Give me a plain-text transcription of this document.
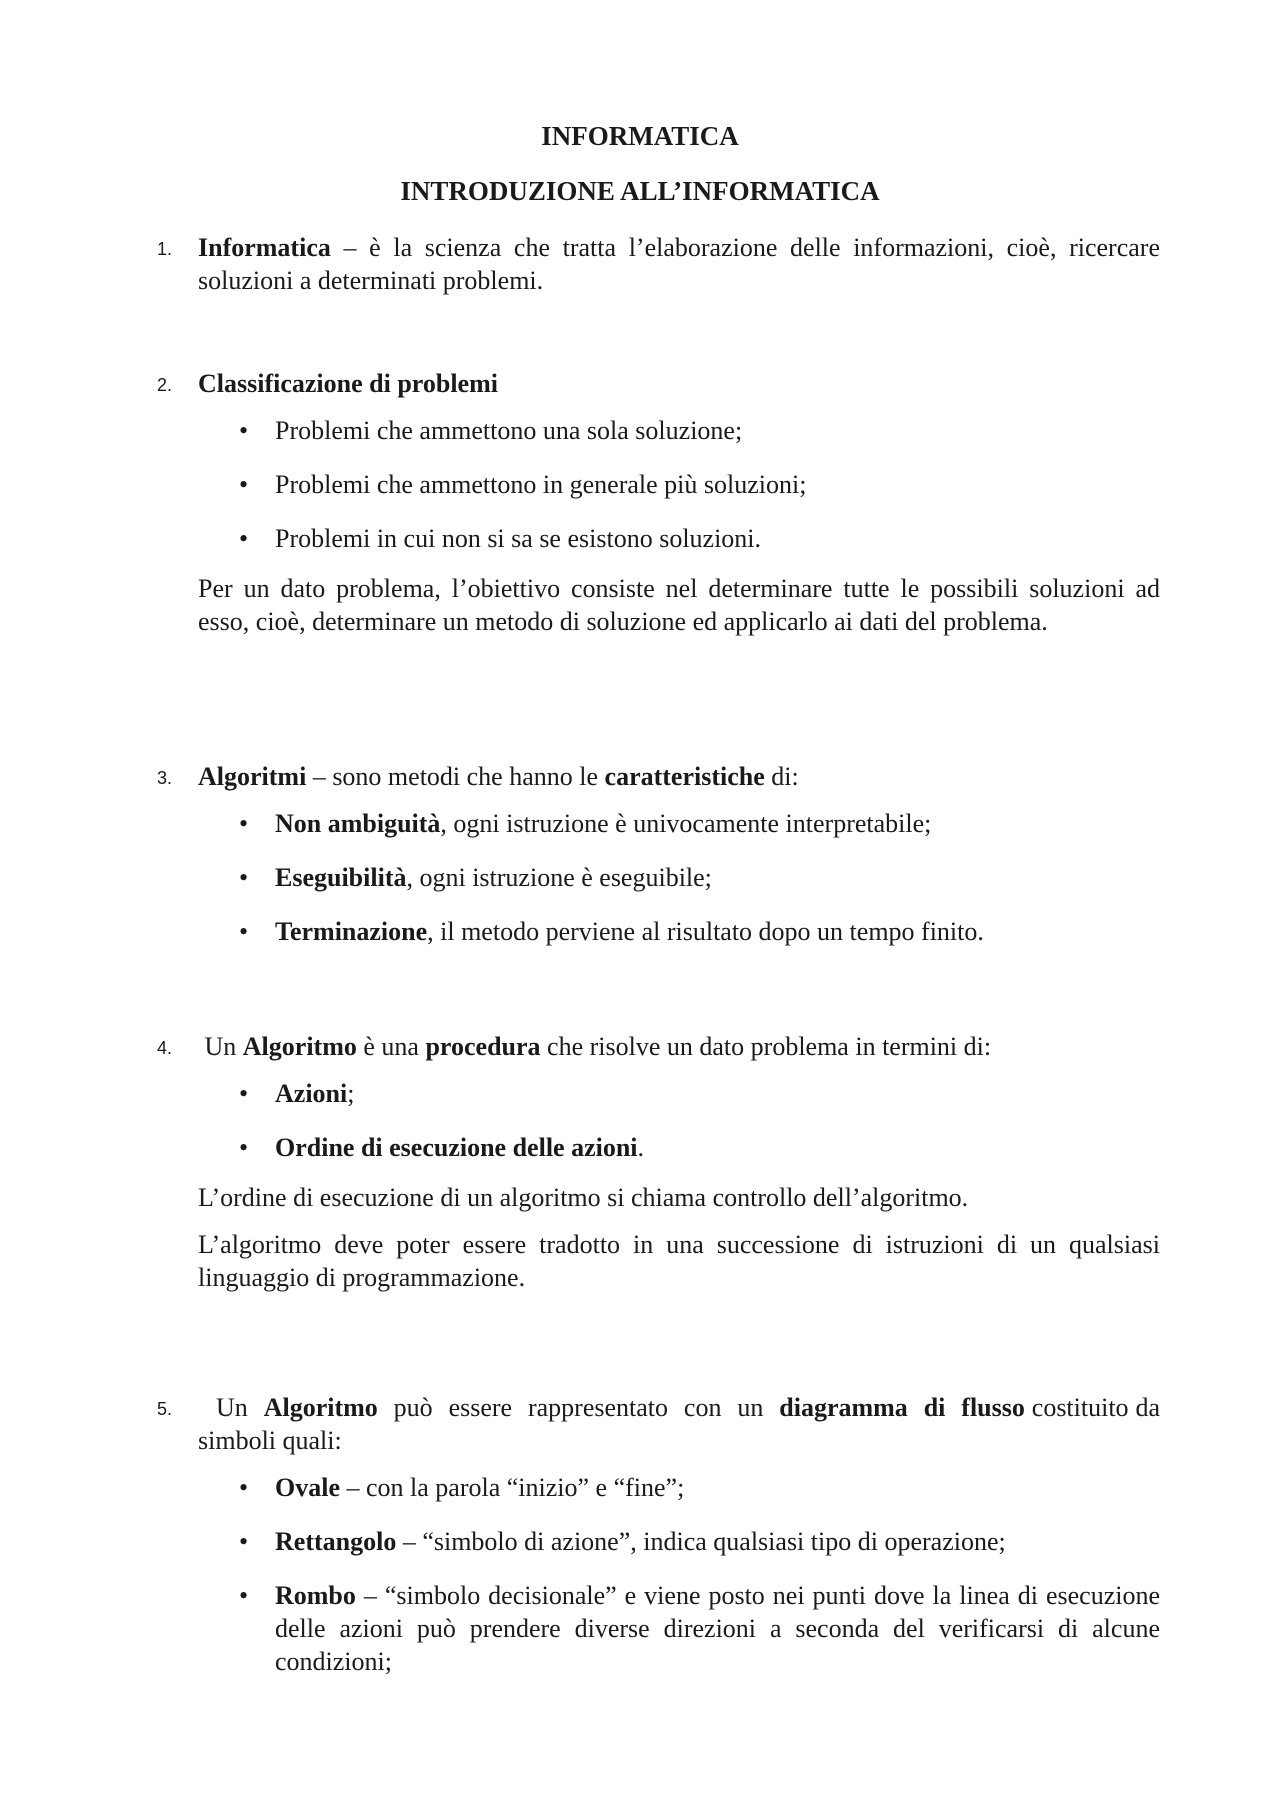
INFORMATICA
INTRODUZIONE ALL’INFORMATICA
1. Informatica – è la scienza che tratta l’elaborazione delle informazioni, cioè, ricercare soluzioni a determinati problemi.
2. Classificazione di problemi
• Problemi che ammettono una sola soluzione;
• Problemi che ammettono in generale più soluzioni;
• Problemi in cui non si sa se esistono soluzioni.

Per un dato problema, l’obiettivo consiste nel determinare tutte le possibili soluzioni ad esso, cioè, determinare un metodo di soluzione ed applicarlo ai dati del problema.

3. Algoritmi – sono metodi che hanno le caratteristiche di:
• Non ambiguità, ogni istruzione è univocamente interpretabile;
• Eseguibilità, ogni istruzione è eseguibile;
• Terminazione, il metodo perviene al risultato dopo un tempo finito.
4. Un Algoritmo è una procedura che risolve un dato problema in termini di:
• Azioni;
• Ordine di esecuzione delle azioni.

L’ordine di esecuzione di un algoritmo si chiama controllo dell’algoritmo.

L’algoritmo deve poter essere tradotto in una successione di istruzioni di un qualsiasi linguaggio di programmazione.

5.	Un Algoritmo può essere rappresentato con un diagramma di flusso costituito da simboli quali:
• Ovale – con la parola “inizio” e “fine”;
• Rettangolo – “simbolo di azione”, indica qualsiasi tipo di operazione;
• Rombo – “simbolo decisionale” e viene posto nei punti dove la linea di esecuzione delle azioni può prendere diverse direzioni a seconda del verificarsi di alcune condizioni;
